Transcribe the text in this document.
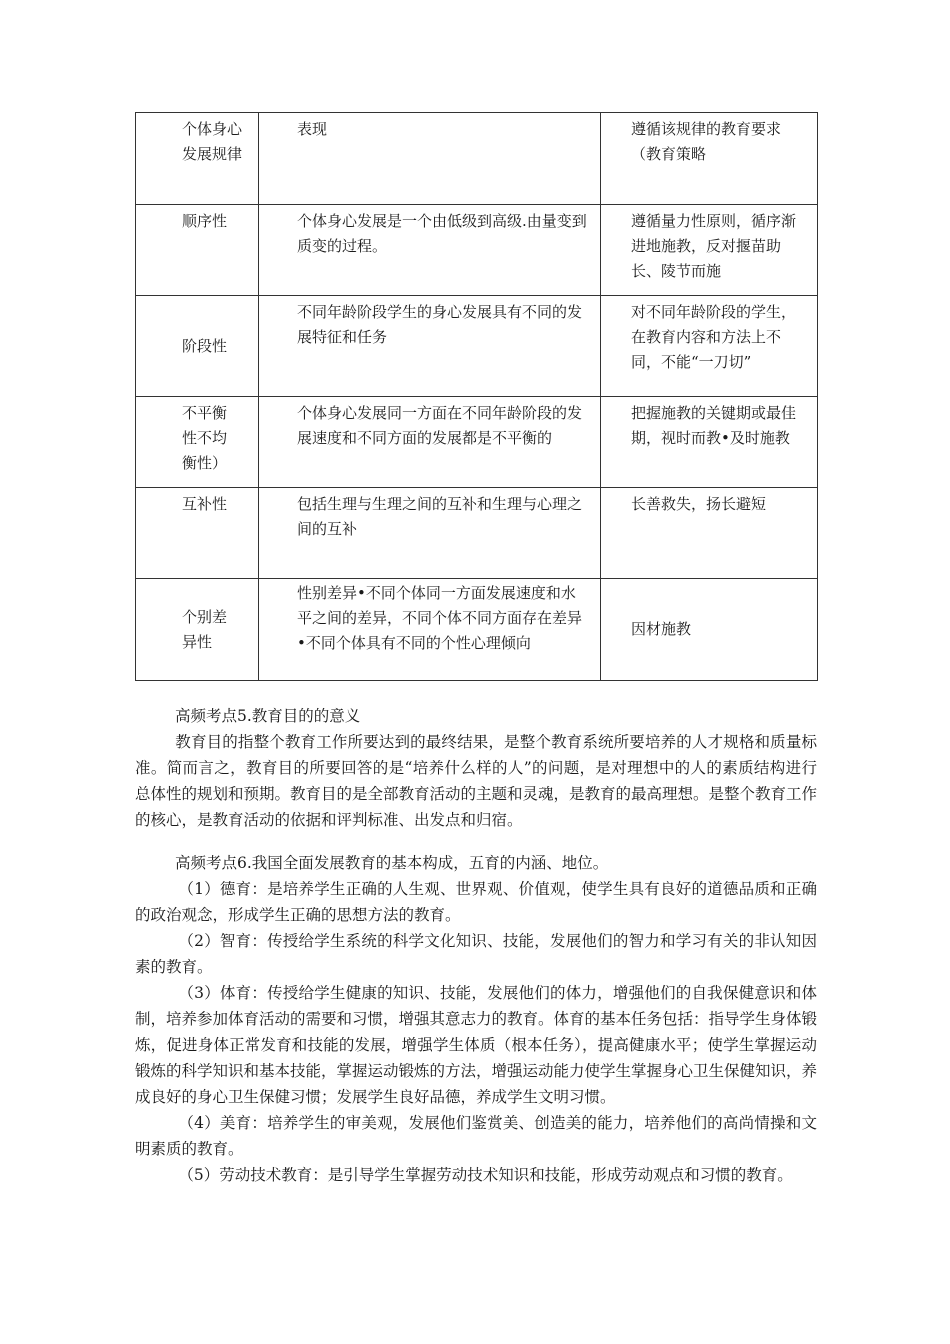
个体身心发展规律	表现	遵循该规律的教育要求（教育策略

顺序性	个体身心发展是一个由低级到高级.由量变到质变的过程。	遵循量力性原则，循序渐进地施教，反对揠苗助长、陵节而施

阶段性	不同年龄阶段学生的身心发展具有不同的发展特征和任务	对不同年龄阶段的学生，在教育内容和方法上不同，不能“一刀切”

不平衡性不均衡性）	个体身心发展同一方面在不同年龄阶段的发展速度和不同方面的发展都是不平衡的	把握施教的关键期或最佳期，视时而教•及时施教

互补性	包括生理与生理之间的互补和生理与心理之间的互补	长善救失，扬长避短

个别差异性	性别差异•不同个体同一方面发展速度和水平之间的差异，不同个体不同方面存在差异•不同个体具有不同的个性心理倾向	因材施教

高频考点5.教育目的的意义

教育目的指整个教育工作所要达到的最终结果，是整个教育系统所要培养的人才规格和质量标准。简而言之，教育目的所要回答的是“培养什么样的人”的问题，是对理想中的人的素质结构进行总体性的规划和预期。教育目的是全部教育活动的主题和灵魂，是教育的最高理想。是整个教育工作的核心，是教育活动的依据和评判标准、出发点和归宿。

高频考点6.我国全面发展教育的基本构成，五育的内涵、地位。

（1）德育：是培养学生正确的人生观、世界观、价值观，使学生具有良好的道德品质和正确的政治观念，形成学生正确的思想方法的教育。

（2）智育：传授给学生系统的科学文化知识、技能，发展他们的智力和学习有关的非认知因素的教育。

（3）体育：传授给学生健康的知识、技能，发展他们的体力，增强他们的自我保健意识和体制，培养参加体育活动的需要和习惯，增强其意志力的教育。体育的基本任务包括：指导学生身体锻炼，促进身体正常发育和技能的发展，增强学生体质（根本任务），提高健康水平；使学生掌握运动锻炼的科学知识和基本技能，掌握运动锻炼的方法，增强运动能力使学生掌握身心卫生保健知识，养成良好的身心卫生保健习惯；发展学生良好品德，养成学生文明习惯。

（4）美育：培养学生的审美观，发展他们鉴赏美、创造美的能力，培养他们的高尚情操和文明素质的教育。

（5）劳动技术教育：是引导学生掌握劳动技术知识和技能，形成劳动观点和习惯的教育。
